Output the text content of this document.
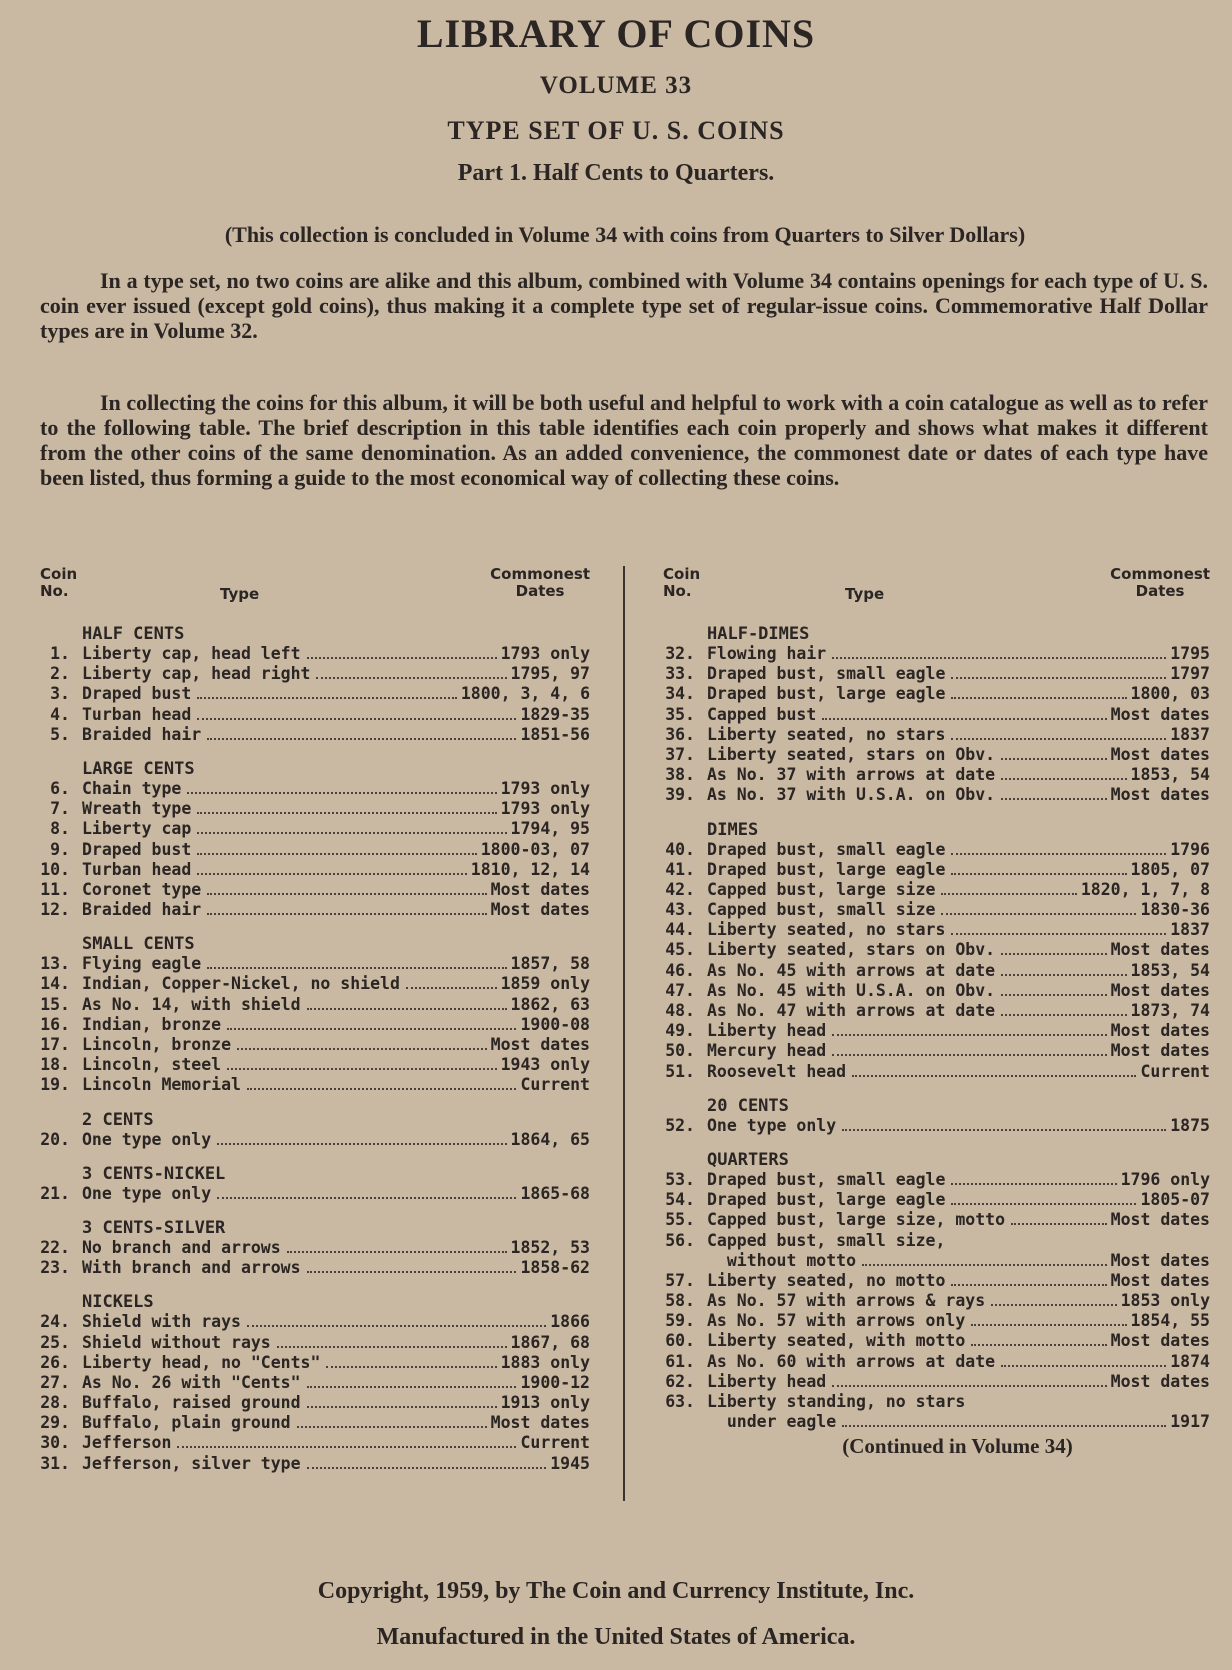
LIBRARY OF COINS
VOLUME 33
TYPE SET OF U. S. COINS
Part 1. Half Cents to Quarters.
(This collection is concluded in Volume 34 with coins from Quarters to Silver Dollars)

In a type set, no two coins are alike and this album, combined with Volume 34 contains openings for each type of U. S. coin ever issued (except gold coins), thus making it a complete type set of regular-issue coins. Commemorative Half Dollar types are in Volume 32.

In collecting the coins for this album, it will be both useful and helpful to work with a coin catalogue as well as to refer to the following table. The brief description in this table identifies each coin properly and shows what makes it different from the other coins of the same denomination. As an added convenience, the commonest date or dates of each type have been listed, thus forming a guide to the most economical way of collecting these coins.

Coin
No.	Type
Commonest
Dates
HALF CENTS
1. Liberty cap, head left	1793 only
2. Liberty cap, head right	1795, 97
3. Draped bust	1800, 3, 4, 6
4. Turban head	1829-35
5. Braided hair	1851-56
LARGE CENTS
6. Chain type	1793 only
7. Wreath type	1793 only
8. Liberty cap	1794, 95
9. Draped bust	1800-03, 07
10. Turban head	1810, 12, 14
11. Coronet type	Most dates
12. Braided hair	Most dates
SMALL CENTS
13. Flying eagle	1857, 58
14. Indian, Copper-Nickel, no shield	1859 only
15. As No. 14, with shield	1862, 63
16. Indian, bronze	1900-08
17. Lincoln, bronze	Most dates
18. Lincoln, steel	1943 only
19. Lincoln Memorial	Current
2 CENTS
20. One type only	1864, 65
3 CENTS-NICKEL
21. One type only	1865-68
3 CENTS-SILVER
22. No branch and arrows	1852, 53
23. With branch and arrows	1858-62
NICKELS
24. Shield with rays	1866
25. Shield without rays	1867, 68
26. Liberty head, no "Cents"	1883 only
27. As No. 26 with "Cents"	1900-12
28. Buffalo, raised ground	1913 only
29. Buffalo, plain ground	Most dates
30. Jefferson	Current
31. Jefferson, silver type	1945
Coin
No.	Type
Commonest
Dates
HALF-DIMES
32. Flowing hair	1795
33. Draped bust, small eagle	1797
34. Draped bust, large eagle	1800, 03
35. Capped bust	Most dates
36. Liberty seated, no stars	1837
37. Liberty seated, stars on Obv.	Most dates
38. As No. 37 with arrows at date	1853, 54
39. As No. 37 with U.S.A. on Obv.	Most dates
DIMES
40. Draped bust, small eagle	1796
41. Draped bust, large eagle	1805, 07
42. Capped bust, large size	1820, 1, 7, 8
43. Capped bust, small size	1830-36
44. Liberty seated, no stars	1837
45. Liberty seated, stars on Obv.	Most dates
46. As No. 45 with arrows at date	1853, 54
47. As No. 45 with U.S.A. on Obv.	Most dates
48. As No. 47 with arrows at date	1873, 74
49. Liberty head	Most dates
50. Mercury head	Most dates
51. Roosevelt head	Current
20 CENTS
52. One type only	1875
QUARTERS
53. Draped bust, small eagle	1796 only
54. Draped bust, large eagle	1805-07
55. Capped bust, large size, motto	Most dates
56. Capped bust, small size,
without motto	Most dates
57. Liberty seated, no motto	Most dates
58. As No. 57 with arrows & rays	1853 only
59. As No. 57 with arrows only	1854, 55
60. Liberty seated, with motto	Most dates
61. As No. 60 with arrows at date	1874
62. Liberty head	Most dates
63. Liberty standing, no stars
under eagle	1917
(Continued in Volume 34)
Copyright, 1959, by The Coin and Currency Institute, Inc.
Manufactured in the United States of America.
